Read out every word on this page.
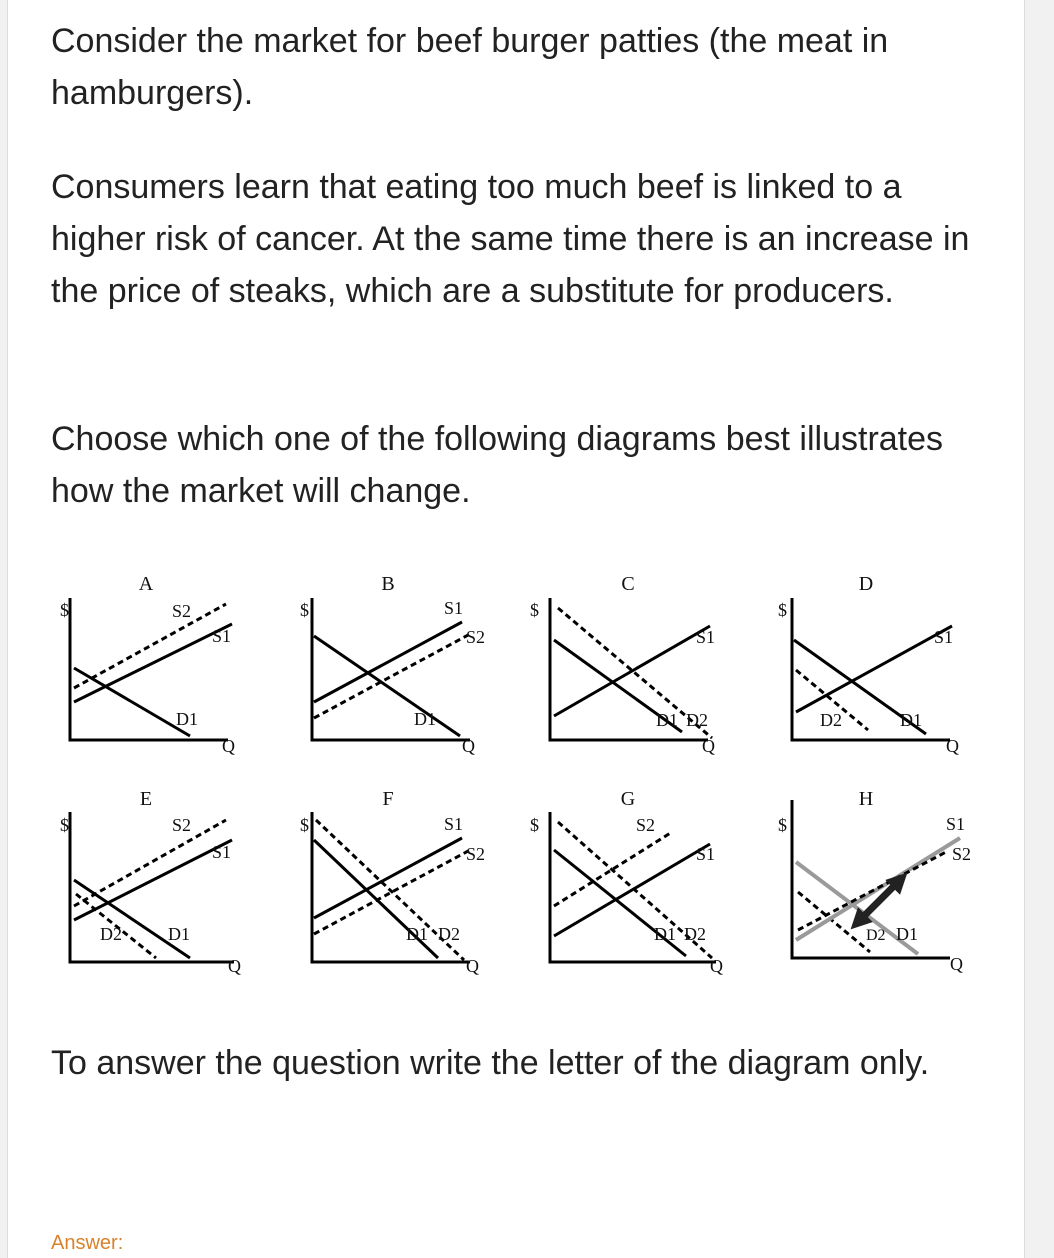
Consider the market for beef burger patties (the meat in hamburgers).

Consumers learn that eating too much beef is linked to a higher risk of cancer. At the same time there is an increase in the price of steaks, which are a substitute for producers.

Choose which one of the following diagrams best illustrates how the market will change.

A
$	S2
S1
D1
Q
B
$	S1
S2
D1
Q
C
$
S1
D1 D2
Q
D
$
S1
D2	D1
Q
E
$	S2
S1
D2	D1
Q
F
$	S1
S2
D1 D2
Q
G
$	S2
S1
D1 D2
Q
H
$	S1
S2
D2 D1
Q

To answer the question write the letter of the diagram only.

Answer:
